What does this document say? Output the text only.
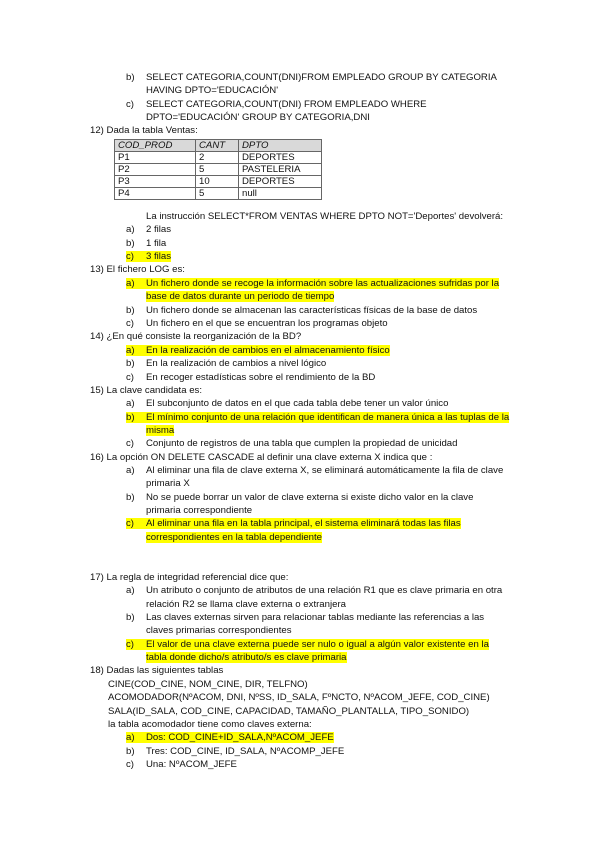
b) SELECT CATEGORIA,COUNT(DNI)FROM EMPLEADO GROUP BY CATEGORIA
HAVING DPTO='EDUCACIÓN'
c) SELECT CATEGORIA,COUNT(DNI) FROM EMPLEADO WHERE
DPTO='EDUCACIÓN' GROUP BY CATEGORIA,DNI
12) Dada la tabla Ventas:
COD_PROD	CANT	DPTO
P1	2	DEPORTES
P2	5	PASTELERIA
P3	10	DEPORTES
P4	5	null
La instrucción SELECT*FROM VENTAS WHERE DPTO NOT='Deportes' devolverá:
a) 2 filas
b) 1 fila
c) 3 filas
13) El fichero LOG es:
a) Un fichero donde se recoge la información sobre las actualizaciones sufridas por la
base de datos durante un periodo de tiempo
b) Un fichero donde se almacenan las características físicas de la base de datos
c) Un fichero en el que se encuentran los programas objeto
14) ¿En qué consiste la reorganización de la BD?
a) En la realización de cambios en el almacenamiento físico
b) En la realización de cambios a nivel lógico
c) En recoger estadísticas sobre el rendimiento de la BD
15) La clave candidata es:
a) El subconjunto de datos en el que cada tabla debe tener un valor único
b) El mínimo conjunto de una relación que identifican de manera única a las tuplas de la
misma
c) Conjunto de registros de una tabla que cumplen la propiedad de unicidad
16) La opción ON DELETE CASCADE al definir una clave externa X indica que :
a) Al eliminar una fila de clave externa X, se eliminará automáticamente la fila de clave
primaria X
b) No se puede borrar un valor de clave externa si existe dicho valor en la clave
primaria correspondiente
c) Al eliminar una fila en la tabla principal, el sistema eliminará todas las filas
correspondientes en la tabla dependiente
17) La regla de integridad referencial dice que:
a) Un atributo o conjunto de atributos de una relación R1 que es clave primaria en otra
relación R2 se llama clave externa o extranjera
b) Las claves externas sirven para relacionar tablas mediante las referencias a las
claves primarias correspondientes
c) El valor de una clave externa puede ser nulo o igual a algún valor existente en la
tabla donde dicho/s atributo/s es clave primaria
18) Dadas las siguientes tablas
CINE(COD_CINE, NOM_CINE, DIR, TELFNO)
ACOMODADOR(NºACOM, DNI, NºSS, ID_SALA, FºNCTO, NºACOM_JEFE, COD_CINE)
SALA(ID_SALA, COD_CINE, CAPACIDAD, TAMAÑO_PLANTALLA, TIPO_SONIDO)
la tabla acomodador tiene como claves externa:
a) Dos: COD_CINE+ID_SALA,NºACOM_JEFE
b) Tres: COD_CINE, ID_SALA, NºACOMP_JEFE
c) Una: NºACOM_JEFE
